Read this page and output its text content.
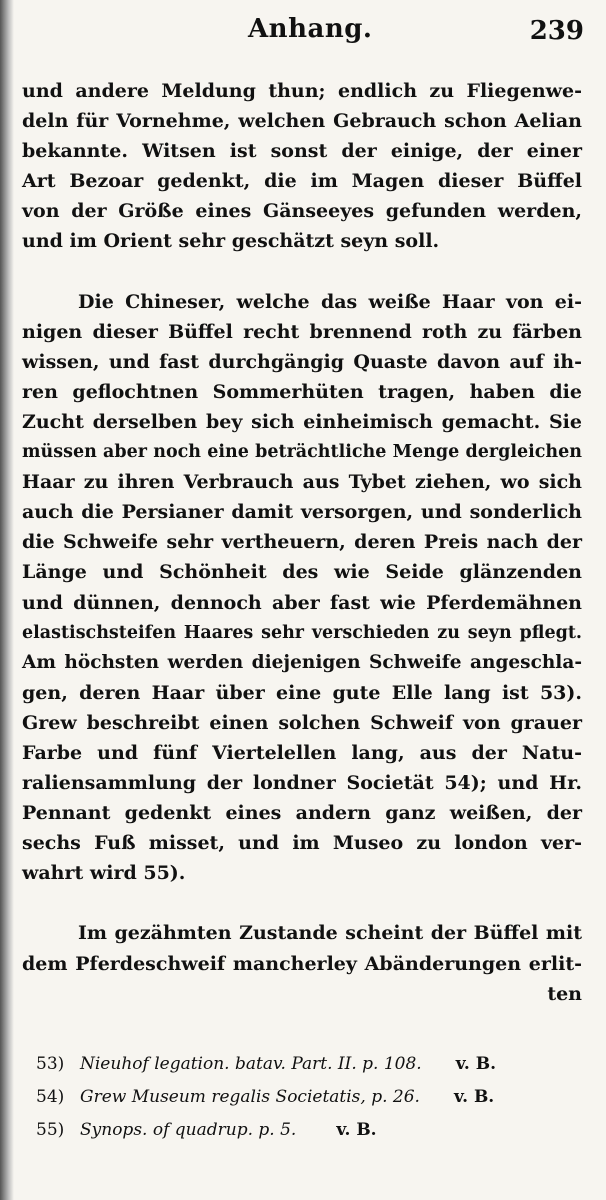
Anhang.	239
und andere Meldung thun; endlich zu Fliegenwe-
deln für Vornehme, welchen Gebrauch schon Aelian
bekannte. Witsen ist sonst der einige, der einer
Art Bezoar gedenkt, die im Magen dieser Büffel
von der Größe eines Gänseeyes gefunden werden,
und im Orient sehr geschätzt seyn soll.
Die Chineser, welche das weiße Haar von ei-
nigen dieser Büffel recht brennend roth zu färben
wissen, und fast durchgängig Quaste davon auf ih-
ren geflochtnen Sommerhüten tragen, haben die
Zucht derselben bey sich einheimisch gemacht. Sie
müssen aber noch eine beträchtliche Menge dergleichen
Haar zu ihren Verbrauch aus Tybet ziehen, wo sich
auch die Persianer damit versorgen, und sonderlich
die Schweife sehr vertheuern, deren Preis nach der
Länge und Schönheit des wie Seide glänzenden
und dünnen, dennoch aber fast wie Pferdemähnen
elastischsteifen Haares sehr verschieden zu seyn pflegt.
Am höchsten werden diejenigen Schweife angeschla-
gen, deren Haar über eine gute Elle lang ist 53).
Grew beschreibt einen solchen Schweif von grauer
Farbe und fünf Viertelellen lang, aus der Natu-
raliensammlung der londner Societät 54); und Hr.
Pennant gedenkt eines andern ganz weißen, der
sechs Fuß misset, und im Museo zu london ver-
wahrt wird 55).
Im gezähmten Zustande scheint der Büffel mit
dem Pferdeschweif mancherley Abänderungen erlit-
ten
53) Nieuhof legation. batav. Part. II. p. 108. v. B.
54) Grew Museum regalis Societatis, p. 26. v. B.
55) Synops. of quadrup. p. 5. v. B.
